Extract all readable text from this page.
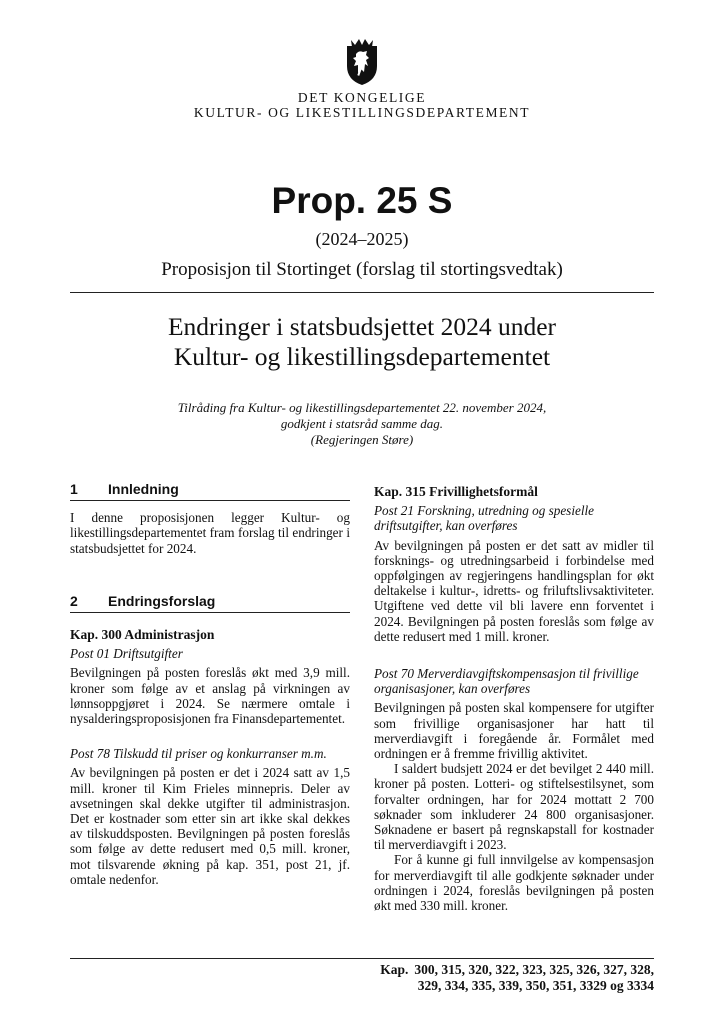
DET KONGELIGE
KULTUR- OG LIKESTILLINGSDEPARTEMENT
Prop. 25 S
(2024–2025)
Proposisjon til Stortinget (forslag til stortingsvedtak)
Endringer i statsbudsjettet 2024 under
Kultur- og likestillingsdepartementet
Tilråding fra Kultur- og likestillingsdepartementet 22. november 2024,
godkjent i statsråd samme dag.
(Regjeringen Støre)
1 Innledning

I denne proposisjonen legger Kultur- og likestillingsdepartementet fram forslag til endringer i statsbudsjettet for 2024.

2 Endringsforslag
Kap. 300 Administrasjon

Post 01 Driftsutgifter

Bevilgningen på posten foreslås økt med 3,9 mill. kroner som følge av et anslag på virkningen av lønnsoppgjøret i 2024. Se nærmere omtale i nysalderingsproposisjonen fra Finansdepartementet.

Post 78 Tilskudd til priser og konkurranser m.m.

Av bevilgningen på posten er det i 2024 satt av 1,5 mill. kroner til Kim Frieles minnepris. Deler av avsetningen skal dekke utgifter til administrasjon. Det er kostnader som etter sin art ikke skal dekkes av tilskuddsposten. Bevilgningen på posten foreslås som følge av dette redusert med 0,5 mill. kroner, mot tilsvarende økning på kap. 351, post 21, jf. omtale nedenfor.

Kap. 315 Frivillighetsformål

Post 21 Forskning, utredning og spesielle driftsutgifter, kan overføres

Av bevilgningen på posten er det satt av midler til forsknings- og utredningsarbeid i forbindelse med oppfølgingen av regjeringens handlingsplan for økt deltakelse i kultur-, idretts- og friluftslivsaktiviteter. Utgiftene ved dette vil bli lavere enn forventet i 2024. Bevilgningen på posten foreslås som følge av dette redusert med 1 mill. kroner.

Post 70 Merverdiavgiftskompensasjon til frivillige organisasjoner, kan overføres

Bevilgningen på posten skal kompensere for utgifter som frivillige organisasjoner har hatt til merverdiavgift i foregående år. Formålet med ordningen er å fremme frivillig aktivitet.

I saldert budsjett 2024 er det bevilget 2 440 mill. kroner på posten. Lotteri- og stiftelsestilsynet, som forvalter ordningen, har for 2024 mottatt 2 700 søknader som inkluderer 24 800 organisasjoner. Søknadene er basert på regnskapstall for kostnader til merverdiavgift i 2023.

For å kunne gi full innvilgelse av kompensasjon for merverdiavgift til alle godkjente søknader under ordningen i 2024, foreslås bevilgningen på posten økt med 330 mill. kroner.

Kap. 300, 315, 320, 322, 323, 325, 326, 327, 328,
329, 334, 335, 339, 350, 351, 3329 og 3334
